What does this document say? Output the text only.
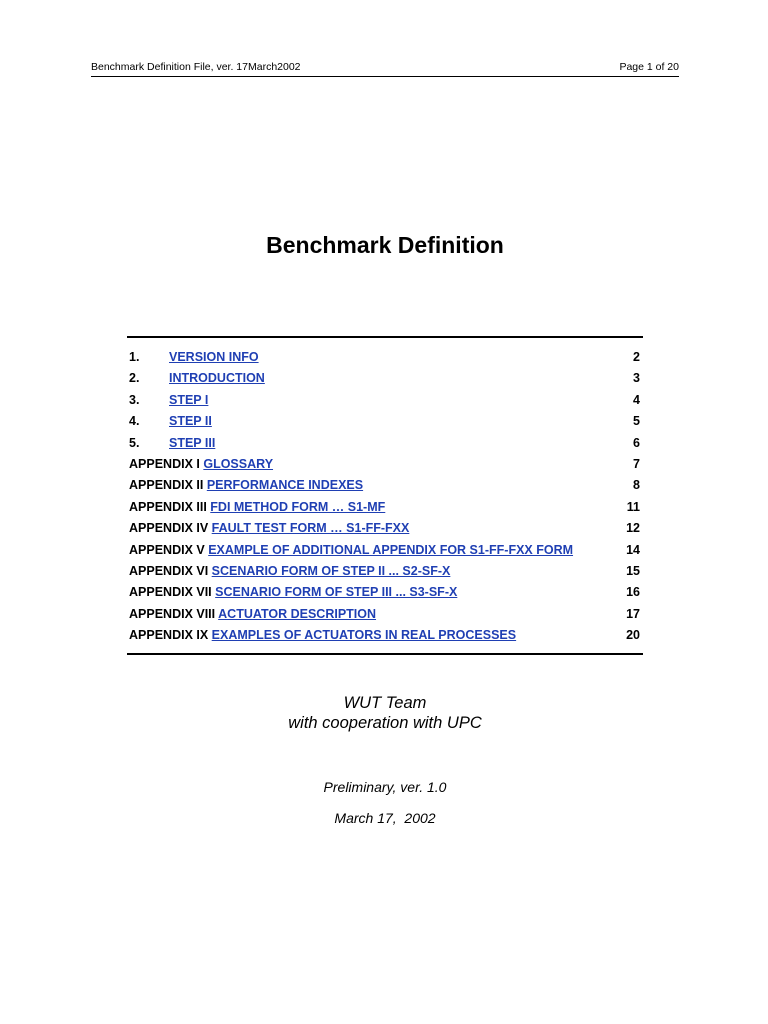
Benchmark Definition File, ver. 17March2002	Page 1 of 20
Benchmark Definition
1. VERSION INFO	2
2. INTRODUCTION	3
3. STEP I	4
4. STEP II	5
5. STEP III	6
APPENDIX I GLOSSARY	7
APPENDIX II PERFORMANCE INDEXES	8
APPENDIX III FDI METHOD FORM … S1-MF	11
APPENDIX IV FAULT TEST FORM … S1-FF-FXX	12
APPENDIX V EXAMPLE OF ADDITIONAL APPENDIX FOR S1-FF-FXX FORM	14
APPENDIX VI SCENARIO FORM OF STEP II ... S2-SF-X	15
APPENDIX VII SCENARIO FORM OF STEP III ... S3-SF-X	16
APPENDIX VIII ACTUATOR DESCRIPTION	17
APPENDIX IX EXAMPLES OF ACTUATORS IN REAL PROCESSES	20
WUT Team
with cooperation with UPC
Preliminary, ver. 1.0
March 17,  2002
